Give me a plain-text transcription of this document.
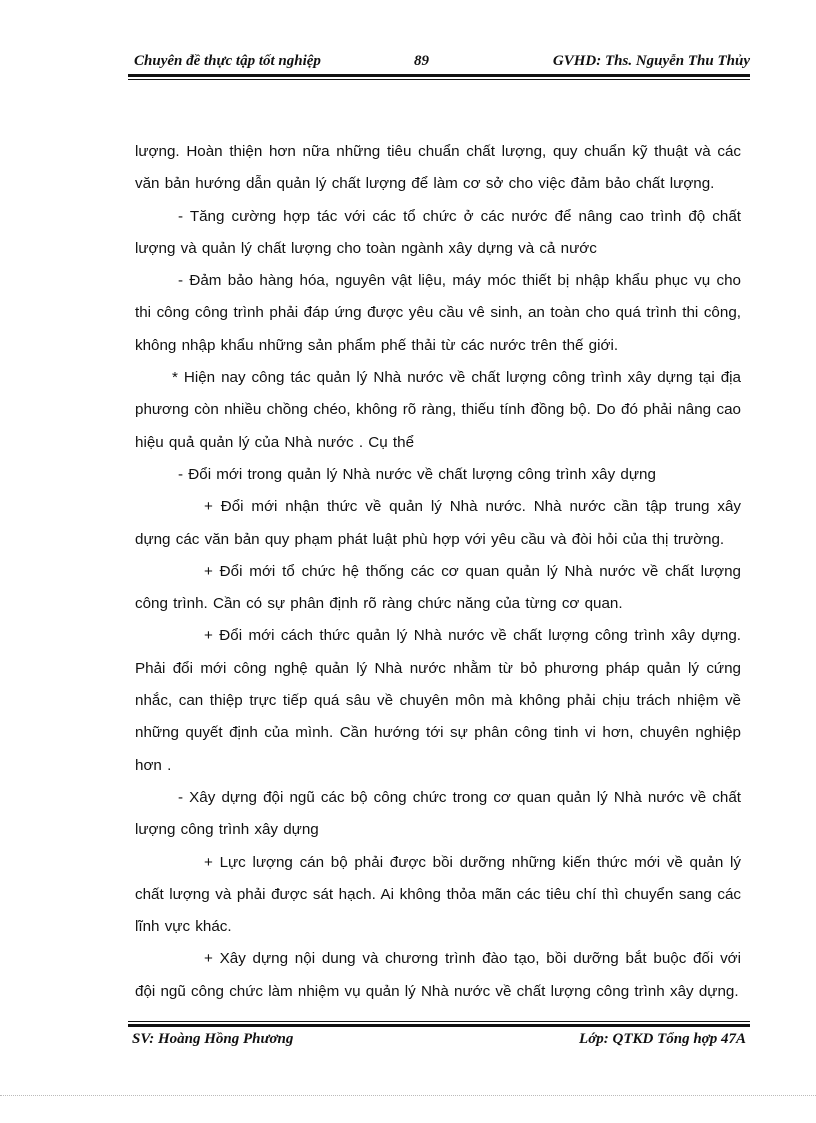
Chuyên đề thực tập tốt nghiệp	89	GVHD: Ths. Nguyễn Thu Thủy

lượng. Hoàn thiện hơn nữa những tiêu chuẩn chất lượng, quy chuẩn kỹ thuật và các văn bản hướng dẫn quản lý chất lượng để làm cơ sở cho việc đảm bảo chất lượng.

- Tăng cường hợp tác với các tổ chức ở các nước để nâng cao trình độ chất lượng và quản lý chất lượng cho toàn ngành xây dựng và cả nước

- Đảm bảo hàng hóa, nguyên vật liệu, máy móc thiết bị nhập khẩu phục vụ cho thi công công trình phải đáp ứng được yêu cầu vê sinh, an toàn cho quá trình thi công, không nhập khẩu những sản phẩm phế thải từ các nước trên thế giới.

* Hiện nay công tác quản lý Nhà nước về chất lượng công trình xây dựng tại địa phương còn nhiều chồng chéo, không rõ ràng, thiếu tính đồng bộ. Do đó phải nâng cao hiệu quả quản lý của Nhà nước . Cụ thể

- Đổi mới trong quản lý Nhà nước về chất lượng công trình xây dựng

+ Đổi mới nhận thức về quản lý Nhà nước. Nhà nước cần tập trung xây dựng các văn bản quy phạm phát luật phù hợp với yêu cầu và đòi hỏi của thị trường.

+ Đổi mới tổ chức hệ thống các cơ quan quản lý Nhà nước về chất lượng công trình. Cần có sự phân định rõ ràng chức năng của từng cơ quan.

+ Đổi mới cách thức quản lý Nhà nước về chất lượng công trình xây dựng. Phải đổi mới công nghệ quản lý Nhà nước nhằm từ bỏ phương pháp quản lý cứng nhắc, can thiệp trực tiếp quá sâu về chuyên môn mà không phải chịu trách nhiệm về những quyết định của mình. Cần hướng tới sự phân công tinh vi hơn, chuyên nghiệp hơn .

- Xây dựng đội ngũ các bộ công chức trong cơ quan quản lý Nhà nước về chất lượng công trình xây dựng

+ Lực lượng cán bộ phải được bồi dưỡng những kiến thức mới về quản lý chất lượng và phải được sát hạch. Ai không thỏa mãn các tiêu chí thì chuyển sang các lĩnh vực khác.

+ Xây dựng nội dung và chương trình đào tạo, bồi dưỡng bắt buộc đối với đội ngũ công chức làm nhiệm vụ quản lý Nhà nước về chất lượng công trình xây dựng.

SV: Hoàng Hồng Phương	Lớp: QTKD Tổng hợp 47A
